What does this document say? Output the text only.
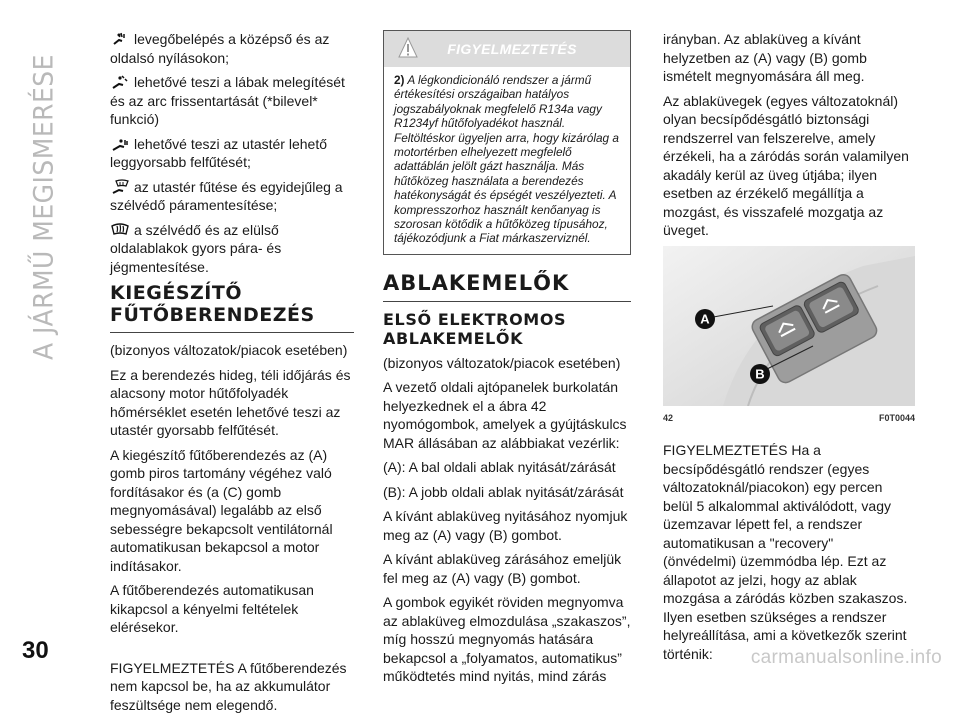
A JÁRMŰ MEGISMERÉSE

levegőbelépés a középső és az oldalsó nyílásokon;

lehetővé teszi a lábak melegítését és az arc frissentartását (*bilevel* funkció)

lehetővé teszi az utastér lehető leggyorsabb felfűtését;

az utastér fűtése és egyidejűleg a szélvédő páramentesítése;

a szélvédő és az elülső oldalablakok gyors pára- és jégmentesítése.

KIEGÉSZÍTŐ FŰTŐBERENDEZÉS

(bizonyos változatok/piacok esetében)

Ez a berendezés hideg, téli időjárás és alacsony motor hűtőfolyadék hőmérséklet esetén lehetővé teszi az utastér gyorsabb felfűtését.

A kiegészítő fűtőberendezés az (A) gomb piros tartomány végéhez való fordításakor és (a (C) gomb megnyomásával) legalább az első sebességre bekapcsolt ventilátornál automatikusan bekapcsol a motor indításakor.

A fűtőberendezés automatikusan kikapcsol a kényelmi feltételek elérésekor.

FIGYELMEZTETÉS A fűtőberendezés nem kapcsol be, ha az akkumulátor feszültsége nem elegendő.

FIGYELMEZTETÉS
2) A légkondicionáló rendszer a jármű értékesítési országaiban hatályos jogszabályoknak megfelelő R134a vagy R1234yf hűtőfolyadékot használ. Feltöltéskor ügyeljen arra, hogy kizárólag a motortérben elhelyezett megfelelő adattáblán jelölt gázt használja. Más hűtőközeg használata a berendezés hatékonyságát és épségét veszélyezteti. A kompresszorhoz használt kenőanyag is szorosan kötődik a hűtőközeg típusához, tájékozódjunk a Fiat márkaszerviznél.
ABLAKEMELŐK
ELSŐ ELEKTROMOS ABLAKEMELŐK

(bizonyos változatok/piacok esetében)

A vezető oldali ajtópanelek burkolatán helyezkednek el a ábra 42 nyomógombok, amelyek a gyújtáskulcs MAR állásában az alábbiakat vezérlik:

(A): A bal oldali ablak nyitását/zárását

(B): A jobb oldali ablak nyitását/zárását

A kívánt ablaküveg nyitásához nyomjuk meg az (A) vagy (B) gombot.

A kívánt ablaküveg zárásához emeljük fel meg az (A) vagy (B) gombot.

A gombok egyikét röviden megnyomva az ablaküveg elmozdulása „szakaszos”, míg hosszú megnyomás hatására bekapcsol a „folyamatos, automatikus” működtetés mind nyitás, mind zárás

irányban. Az ablaküveg a kívánt helyzetben az (A) vagy (B) gomb ismételt megnyomására áll meg.

Az ablaküvegek (egyes változatoknál) olyan becsípődésgátló biztonsági rendszerrel van felszerelve, amely érzékeli, ha a záródás során valamilyen akadály kerül az üveg útjába; ilyen esetben az érzékelő megállítja a mozgást, és visszafelé mozgatja az üveget.

A
B
42	F0T0044

FIGYELMEZTETÉS Ha a becsípődésgátló rendszer (egyes változatoknál/piacokon) egy percen belül 5 alkalommal aktiválódott, vagy üzemzavar lépett fel, a rendszer automatikusan a "recovery" (önvédelmi) üzemmódba lép. Ezt az állapotot az jelzi, hogy az ablak mozgása a záródás közben szakaszos. Ilyen esetben szükséges a rendszer helyreállítása, ami a következők szerint történik:

30	carmanualsonline.info
